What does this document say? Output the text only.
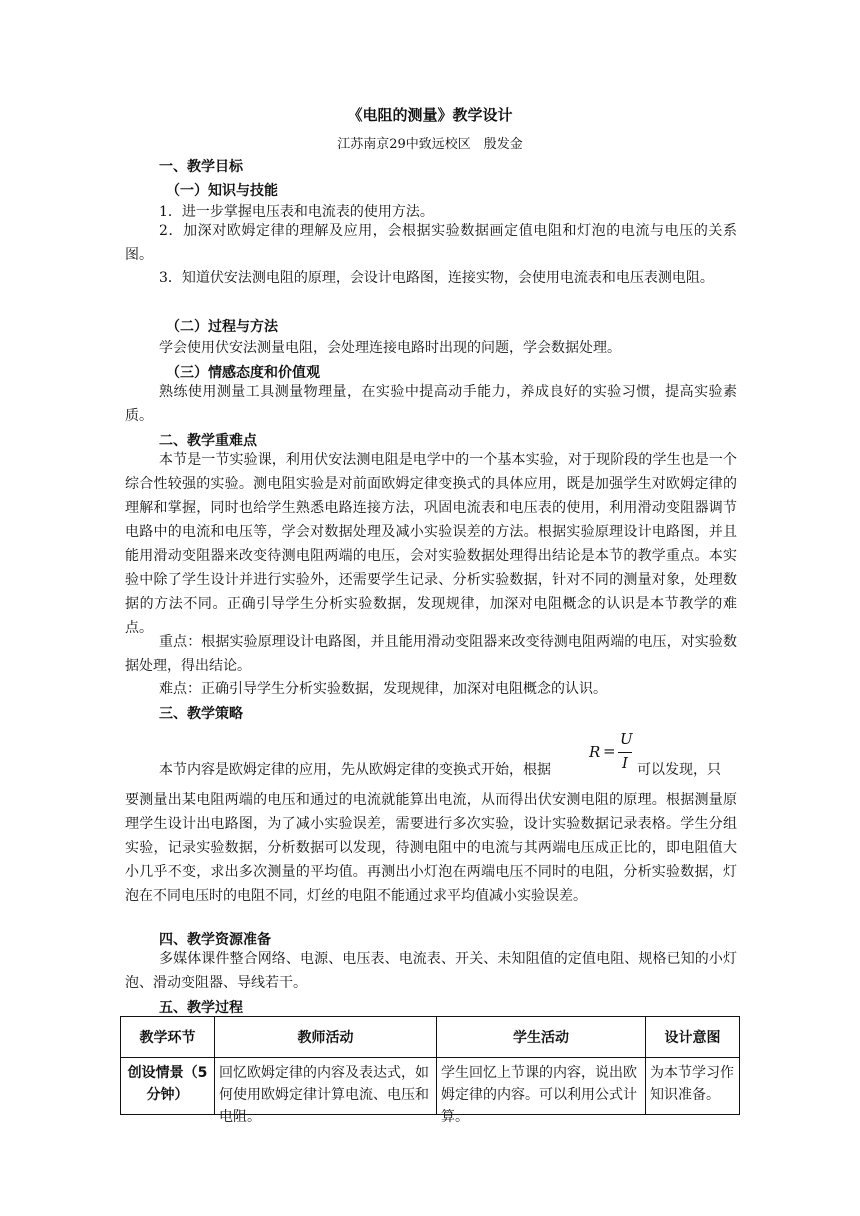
《电阻的测量》教学设计
江苏南京29中致远校区　殷发金
一、教学目标
（一）知识与技能

1．进一步掌握电压表和电流表的使用方法。

2．加深对欧姆定律的理解及应用，会根据实验数据画定值电阻和灯泡的电流与电压的关系图。

3．知道伏安法测电阻的原理，会设计电路图，连接实物，会使用电流表和电压表测电阻。

（二）过程与方法

学会使用伏安法测量电阻，会处理连接电路时出现的问题，学会数据处理。

（三）情感态度和价值观

熟练使用测量工具测量物理量，在实验中提高动手能力，养成良好的实验习惯，提高实验素质。

二、教学重难点

本节是一节实验课，利用伏安法测电阻是电学中的一个基本实验，对于现阶段的学生也是一个综合性较强的实验。测电阻实验是对前面欧姆定律变换式的具体应用，既是加强学生对欧姆定律的理解和掌握，同时也给学生熟悉电路连接方法，巩固电流表和电压表的使用，利用滑动变阻器调节电路中的电流和电压等，学会对数据处理及减小实验误差的方法。根据实验原理设计电路图，并且能用滑动变阻器来改变待测电阻两端的电压，会对实验数据处理得出结论是本节的教学重点。本实验中除了学生设计并进行实验外，还需要学生记录、分析实验数据，针对不同的测量对象，处理数据的方法不同。正确引导学生分析实验数据，发现规律，加深对电阻概念的认识是本节教学的难点。

重点：根据实验原理设计电路图，并且能用滑动变阻器来改变待测电阻两端的电压，对实验数据处理，得出结论。

难点：正确引导学生分析实验数据，发现规律，加深对电阻概念的认识。

三、教学策略

本节内容是欧姆定律的应用，先从欧姆定律的变换式开始，根据

R =
U
I 可以发现，只

要测量出某电阻两端的电压和通过的电流就能算出电流，从而得出伏安测电阻的原理。根据测量原理学生设计出电路图，为了减小实验误差，需要进行多次实验，设计实验数据记录表格。学生分组实验，记录实验数据，分析数据可以发现，待测电阻中的电流与其两端电压成正比的，即电阻值大小几乎不变，求出多次测量的平均值。再测出小灯泡在两端电压不同时的电阻，分析实验数据，灯泡在不同电压时的电阻不同，灯丝的电阻不能通过求平均值减小实验误差。

四、教学资源准备

多媒体课件整合网络、电源、电压表、电流表、开关、未知阻值的定值电阻、规格已知的小灯泡、滑动变阻器、导线若干。

五、教学过程
教学环节	教师活动	学生活动	设计意图

创设情景（5分钟）	回忆欧姆定律的内容及表达式，如何使用欧姆定律计算电流、电压和电阻。	学生回忆上节课的内容，说出欧姆定律的内容。可以利用公式计算。	为本节学习作知识准备。
